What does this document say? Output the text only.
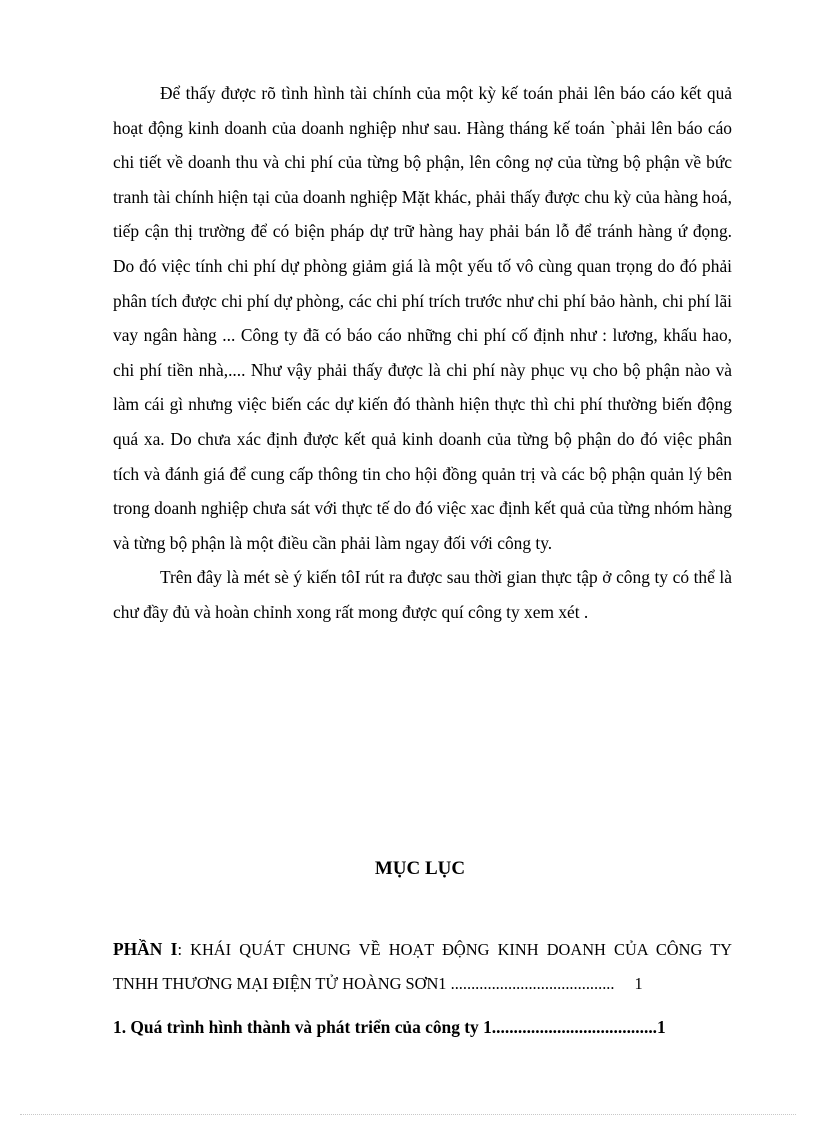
Để thấy được rõ tình hình tài chính của một kỳ kế toán phải lên báo cáo kết quả hoạt động kinh doanh của doanh nghiệp như sau. Hàng tháng kế toán `phải lên báo cáo chi tiết về doanh thu và chi phí của từng bộ phận, lên công nợ của từng bộ phận về bức tranh tài chính hiện tại của doanh nghiệp Mặt khác, phải thấy được chu kỳ của hàng hoá, tiếp cận thị trường để có biện pháp dự trữ hàng hay phải bán lỗ để tránh hàng ứ đọng. Do đó việc tính chi phí dự phòng giảm giá là một yếu tố vô cùng quan trọng do đó phải phân tích được chi phí dự phòng, các chi phí trích trước như chi phí bảo hành, chi phí lãi vay ngân hàng ... Công ty đã có báo cáo những chi phí cố định như : lương, khấu hao, chi phí tiền nhà,.... Như vậy phải thấy được là chi phí này phục vụ cho bộ phận nào và làm cái gì nhưng việc biến các dự kiến đó thành hiện thực thì chi phí thường biến động quá xa. Do chưa xác định được kết quả kinh doanh của từng bộ phận do đó việc phân tích và đánh giá để cung cấp thông tin cho hội đồng quản trị và các bộ phận quản lý bên trong doanh nghiệp chưa sát với thực tế do đó việc xac định kết quả của từng nhóm hàng và từng bộ phận là một điều cần phải làm ngay đối với công ty.

Trên đây là mét sè ý kiến tôI rút ra được sau thời gian thực tập ở công ty có thể là chư đầy đủ và hoàn chỉnh xong rất mong được quí công ty xem xét .

MỤC LỤC
PHẦN I: KHÁI QUÁT CHUNG VỀ HOẠT ĐỘNG KINH DOANH CỦA CÔNG TY TNHH THƯƠNG MẠI ĐIỆN TỬ HOÀNG SƠN1 ........................................ 1
1. Quá trình hình thành và phát triển của công ty 1......................................1
